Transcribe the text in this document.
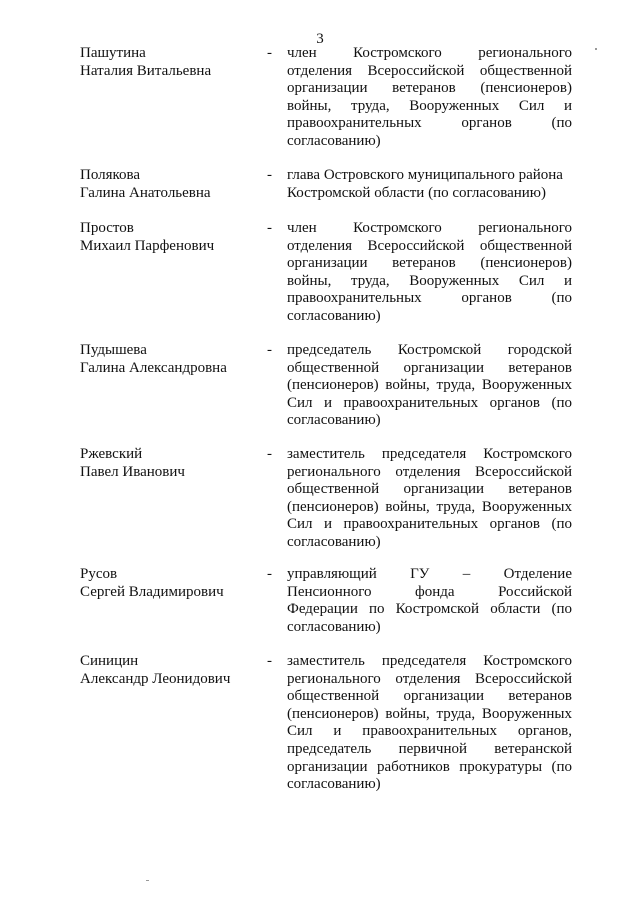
3
Пашутина
Наталия Витальевна
- член Костромского регионального
отделения Всероссийской общественной
организации ветеранов (пенсионеров)
войны, труда, Вооруженных Сил и
правоохранительных органов (по
согласованию)
Полякова
Галина Анатольевна
- глава Островского муниципального района
Костромской области (по согласованию)
Простов
Михаил Парфенович
- член Костромского регионального
отделения Всероссийской общественной
организации ветеранов (пенсионеров)
войны, труда, Вооруженных Сил и
правоохранительных органов (по
согласованию)
Пудышева
Галина Александровна
- председатель Костромской городской
общественной организации ветеранов
(пенсионеров) войны, труда, Вооруженных
Сил и правоохранительных органов (по
согласованию)
Ржевский
Павел Иванович
- заместитель председателя Костромского
регионального отделения Всероссийской
общественной организации ветеранов
(пенсионеров) войны, труда, Вооруженных
Сил и правоохранительных органов (по
согласованию)
Русов
Сергей Владимирович
- управляющий ГУ – Отделение
Пенсионного фонда Российской
Федерации по Костромской области (по
согласованию)
Синицин
Александр Леонидович
- заместитель председателя Костромского
регионального отделения Всероссийской
общественной организации ветеранов
(пенсионеров) войны, труда, Вооруженных
Сил и правоохранительных органов,
председатель первичной ветеранской
организации работников прокуратуры (по
согласованию)
